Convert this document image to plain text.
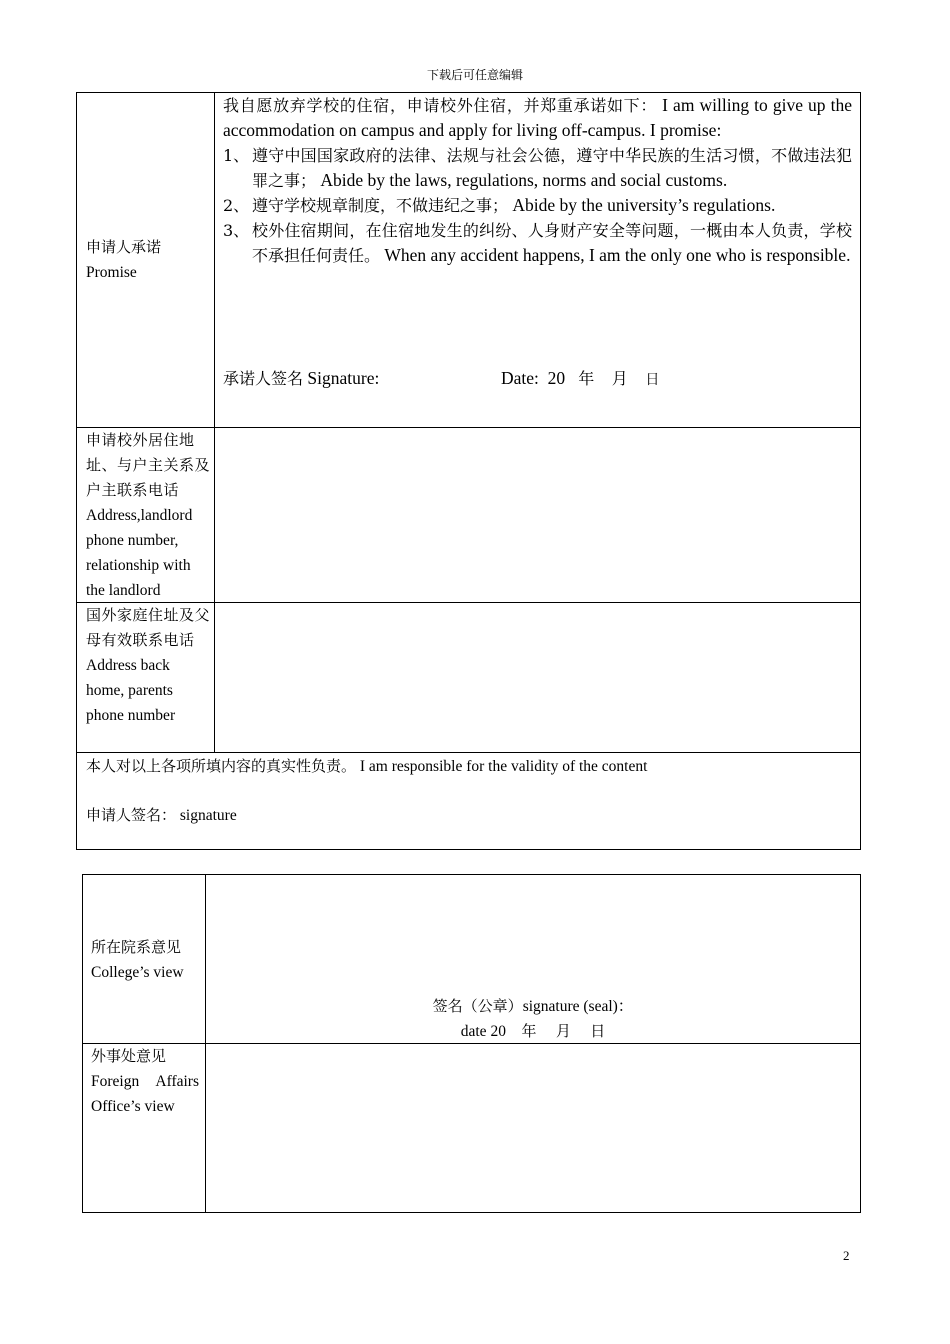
下载后可任意编辑
申请人承诺
Promise
我自愿放弃学校的住宿，申请校外住宿，并郑重承诺如下： I am willing to give up the accommodation on campus and apply for living off-campus. I promise:
1、 遵守中国国家政府的法律、法规与社会公德，遵守中华民族的生活习惯，不做违法犯罪之事； Abide by the laws, regulations, norms and social customs.
2、 遵守学校规章制度，不做违纪之事； Abide by the university’s regulations.
3、 校外住宿期间，在住宿地发生的纠纷、人身财产安全等问题，一概由本人负责，学校不承担任何责任。 When any accident happens, I am the only one who is responsible.
承诺人签名 Signature:	Date: 20 年 月 日
申请校外居住地址、与户主关系及户主联系电话
Address,landlord phone number, relationship with the landlord
国外家庭住址及父母有效联系电话
Address back home, parents phone number
本人对以上各项所填内容的真实性负责。 I am responsible for the validity of the content
申请人签名： signature
所在院系意见
College’s view
签名（公章）signature (seal)：
date 20 年 月 日
外事处意见
Foreign Affairs Office’s view
2
